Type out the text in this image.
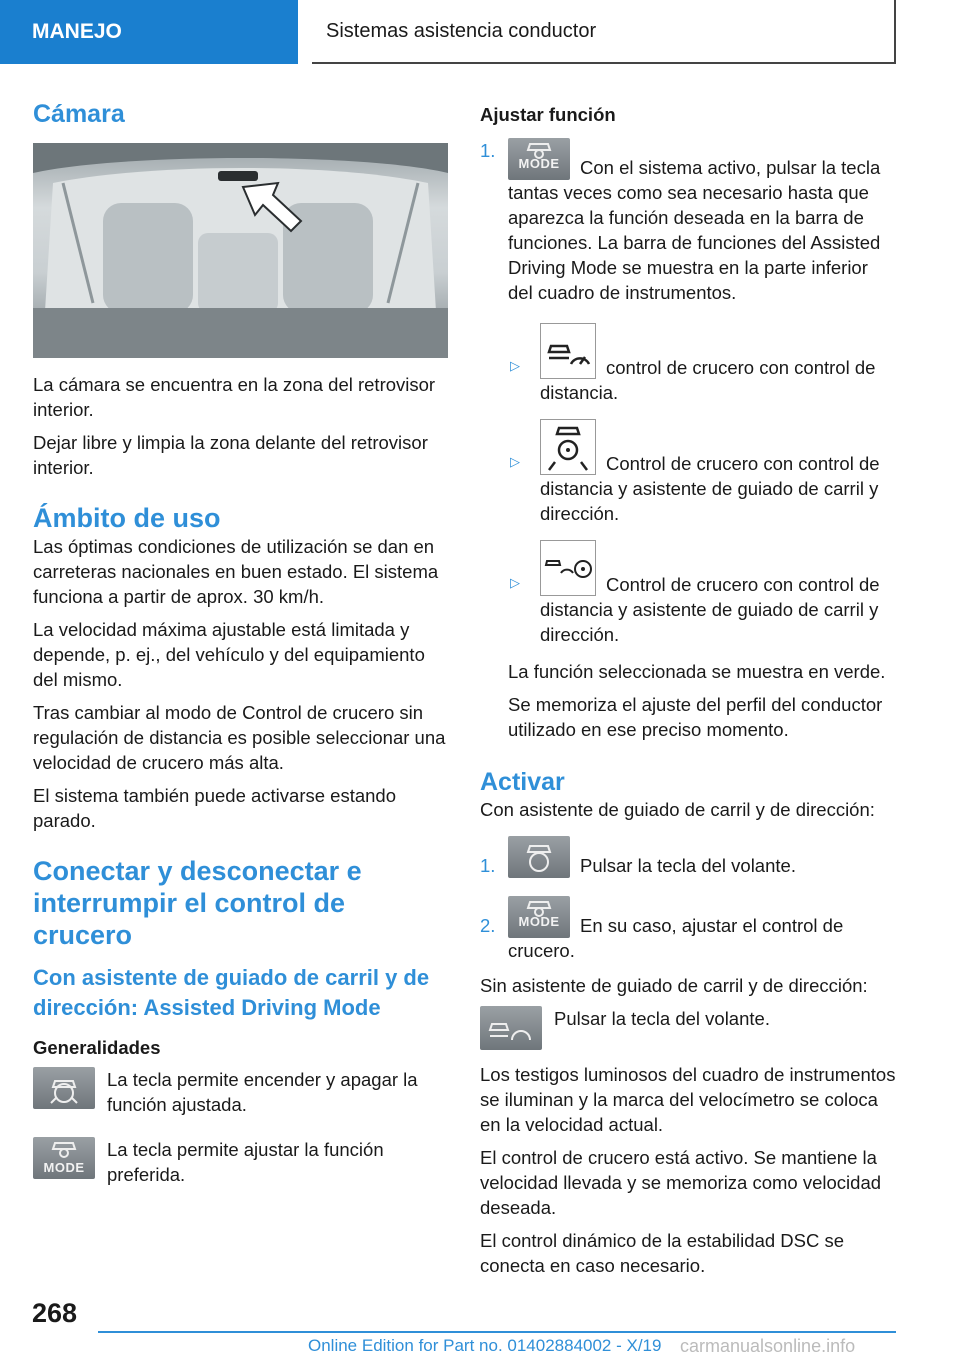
MANEJO	Sistemas asistencia conductor
Cámara

La cámara se encuentra en la zona del retrovisor interior.

Dejar libre y limpia la zona delante del retrovisor interior.

Ámbito de uso

Las óptimas condiciones de utilización se dan en carreteras nacionales en buen estado. El sistema funciona a partir de aprox. 30 km/h.

La velocidad máxima ajustable está limitada y depende, p. ej., del vehículo y del equipamiento del mismo.

Tras cambiar al modo de Control de crucero sin regulación de distancia es posible seleccionar una velocidad de crucero más alta.

El sistema también puede activarse estando parado.

Conectar y desconectar e interrumpir el control de crucero
Con asistente de guiado de carril y de dirección: Assisted Driving Mode
Generalidades

La tecla permite encender y apagar la función ajustada.

MODE

La tecla permite ajustar la función preferida.

Ajustar función
1.

MODE	Con el sistema activo, pulsar la tecla tantas veces como sea necesario hasta que aparezca la función deseada en la barra de funciones. La barra de funciones del Assisted Driving Mode se muestra en la parte inferior del cuadro de instrumentos.

▷	control de crucero con control de distancia.

▷	Control de crucero con control de distancia y asistente de guiado de carril y dirección.

▷	Control de crucero con control de distancia y asistente de guiado de carril y dirección.

La función seleccionada se muestra en verde.

Se memoriza el ajuste del perfil del conductor utilizado en ese preciso momento.

Activar

Con asistente de guiado de carril y de dirección:

1.	Pulsar la tecla del volante.

2.	MODE	En su caso, ajustar el control de crucero.

Sin asistente de guiado de carril y de dirección:

Pulsar la tecla del volante.

Los testigos luminosos del cuadro de instrumentos se iluminan y la marca del velocímetro se coloca en la velocidad actual.

El control de crucero está activo. Se mantiene la velocidad llevada y se memoriza como velocidad deseada.

El control dinámico de la estabilidad DSC se conecta en caso necesario.

268
Online Edition for Part no. 01402884002 - X/19 carmanualsonline.info
